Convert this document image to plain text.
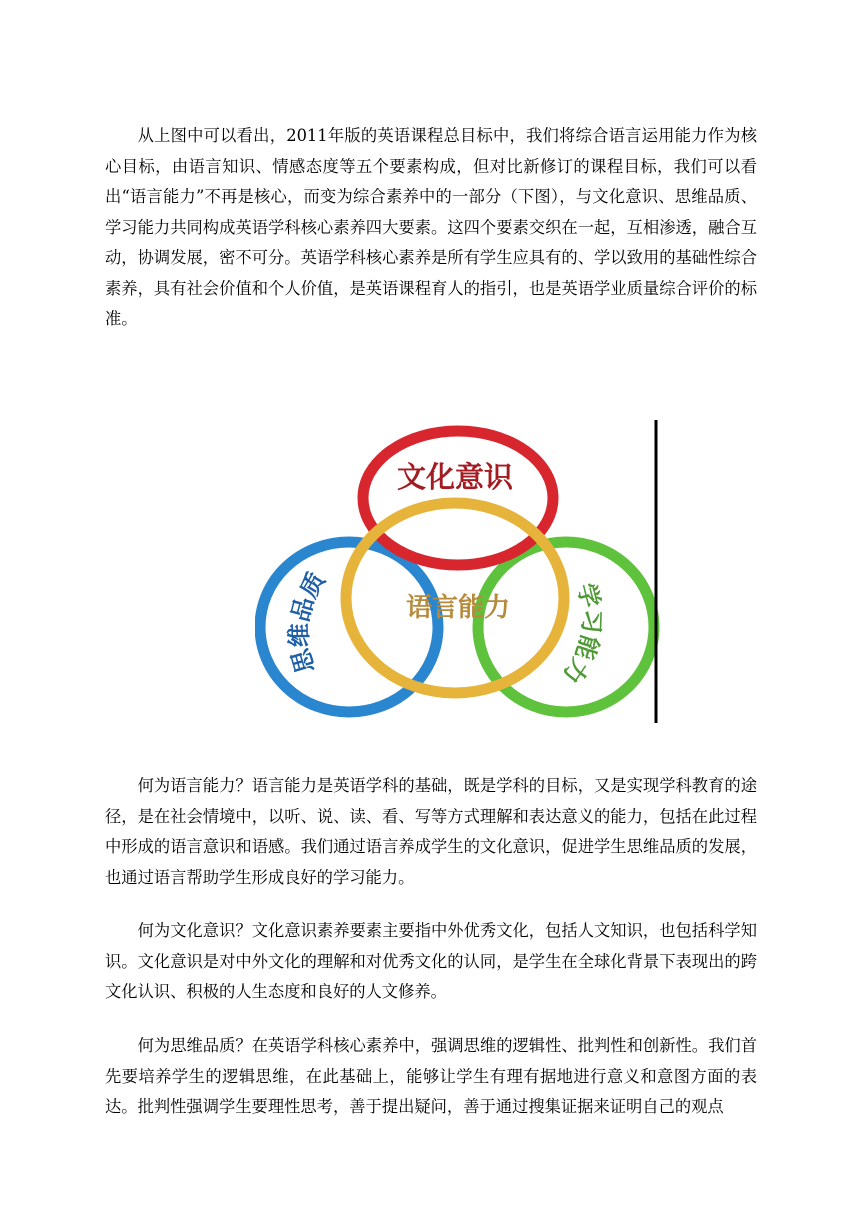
从上图中可以看出，2011年版的英语课程总目标中，我们将综合语言运用能力作为核心目标，由语言知识、情感态度等五个要素构成，但对比新修订的课程目标，我们可以看出“语言能力”不再是核心，而变为综合素养中的一部分（下图），与文化意识、思维品质、学习能力共同构成英语学科核心素养四大要素。这四个要素交织在一起，互相渗透，融合互动，协调发展，密不可分。英语学科核心素养是所有学生应具有的、学以致用的基础性综合素养，具有社会价值和个人价值，是英语课程育人的指引，也是英语学业质量综合评价的标准。

文化意识
语言能力
思维品质	学习能力

何为语言能力？语言能力是英语学科的基础，既是学科的目标，又是实现学科教育的途径，是在社会情境中，以听、说、读、看、写等方式理解和表达意义的能力，包括在此过程中形成的语言意识和语感。我们通过语言养成学生的文化意识，促进学生思维品质的发展，也通过语言帮助学生形成良好的学习能力。

何为文化意识？文化意识素养要素主要指中外优秀文化，包括人文知识，也包括科学知识。文化意识是对中外文化的理解和对优秀文化的认同，是学生在全球化背景下表现出的跨文化认识、积极的人生态度和良好的人文修养。

何为思维品质？在英语学科核心素养中，强调思维的逻辑性、批判性和创新性。我们首先要培养学生的逻辑思维，在此基础上，能够让学生有理有据地进行意义和意图方面的表达。批判性强调学生要理性思考，善于提出疑问，善于通过搜集证据来证明自己的观点
